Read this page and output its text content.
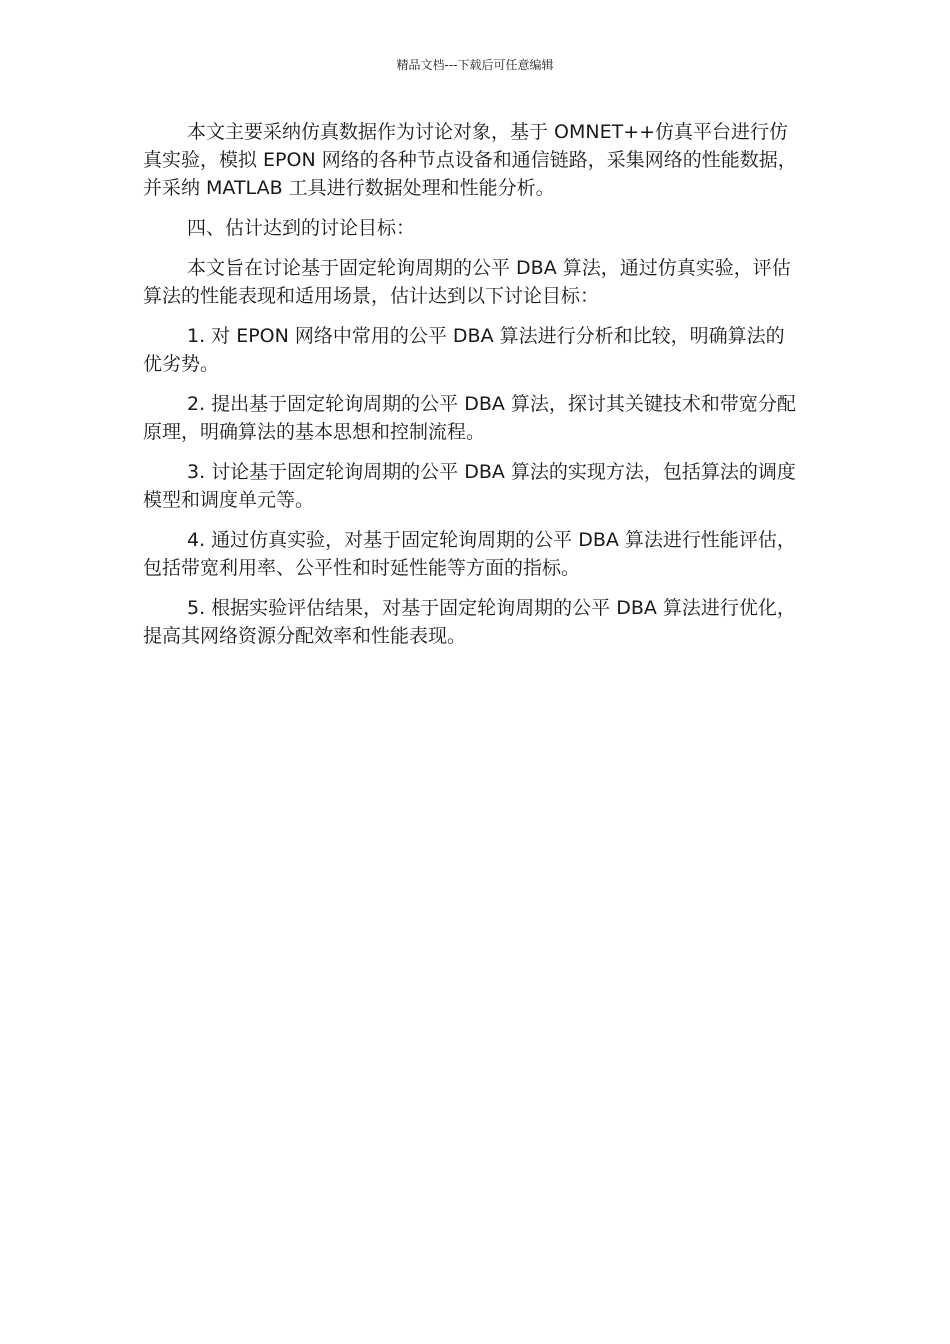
精品文档---下载后可任意编辑

本文主要采纳仿真数据作为讨论对象，基于 OMNET++仿真平台进行仿真实验，模拟 EPON 网络的各种节点设备和通信链路，采集网络的性能数据，并采纳 MATLAB 工具进行数据处理和性能分析。

四、估计达到的讨论目标：

本文旨在讨论基于固定轮询周期的公平 DBA 算法，通过仿真实验，评估算法的性能表现和适用场景，估计达到以下讨论目标：

1. 对 EPON 网络中常用的公平 DBA 算法进行分析和比较，明确算法的优劣势。

2. 提出基于固定轮询周期的公平 DBA 算法，探讨其关键技术和带宽分配原理，明确算法的基本思想和控制流程。

3. 讨论基于固定轮询周期的公平 DBA 算法的实现方法，包括算法的调度模型和调度单元等。

4. 通过仿真实验，对基于固定轮询周期的公平 DBA 算法进行性能评估，包括带宽利用率、公平性和时延性能等方面的指标。

5. 根据实验评估结果，对基于固定轮询周期的公平 DBA 算法进行优化，提高其网络资源分配效率和性能表现。
